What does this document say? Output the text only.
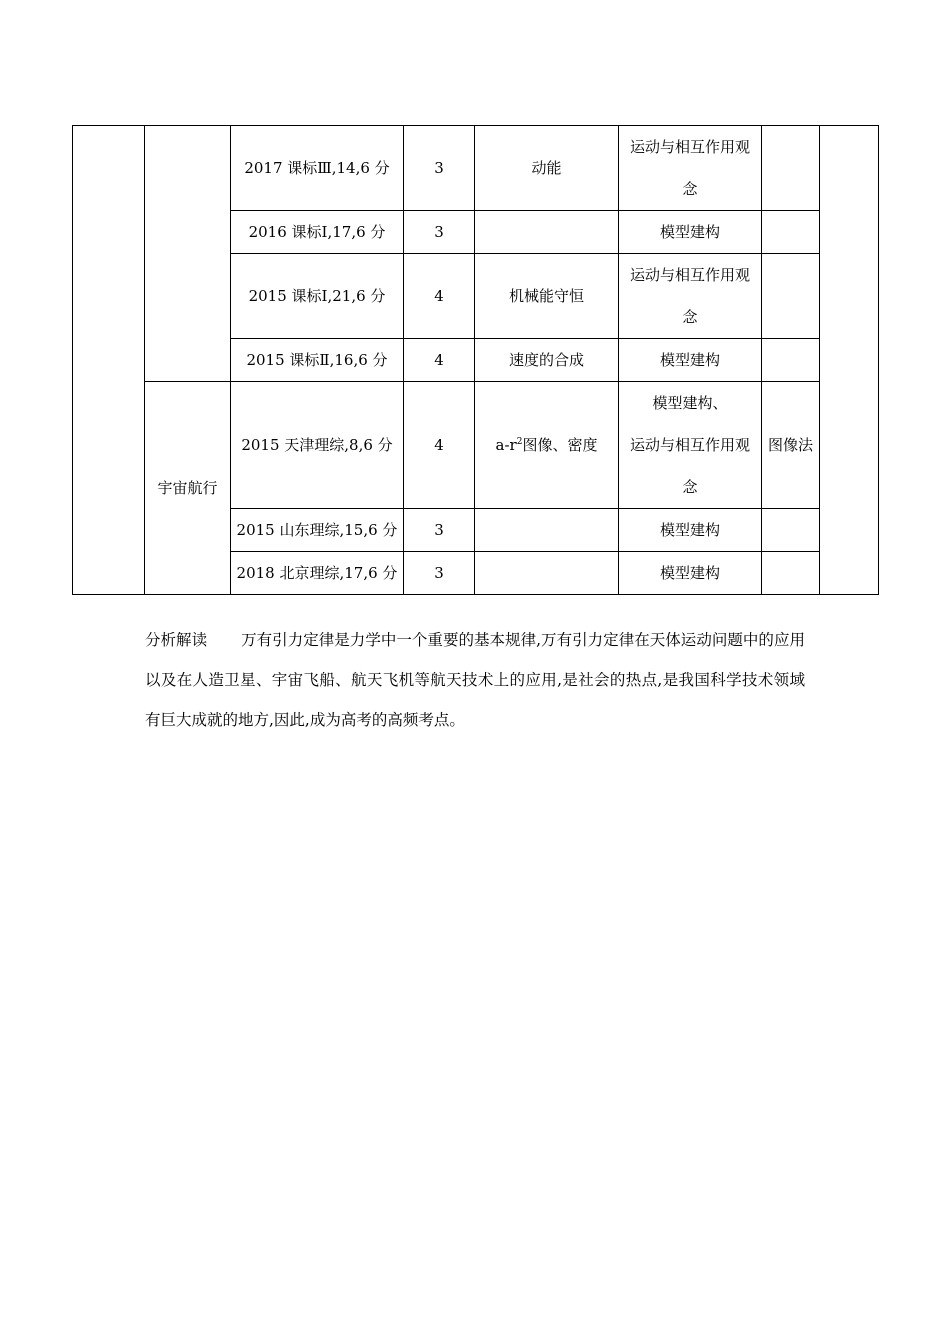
		2017 课标Ⅲ,14,6 分	3	动能	运动与相互作用观
念		

		2016 课标Ⅰ,17,6 分	3		模型建构		
		2015 课标Ⅰ,21,6 分	4	机械能守恒	运动与相互作用观
念		

		2015 课标Ⅱ,16,6 分	4	速度的合成	模型建构		
	宇宙航行	2015 天津理综,8,6 分	4	$a-r^2$图像、密度	模型建构、
运动与相互作用观
念	图像法	
		2015 山东理综,15,6 分	3		模型建构		
		2018 北京理综,17,6 分	3		模型建构		
分析解读 万有引力定律是力学中一个重要的基本规律,万有引力定律在天体运动问题中的应用以及在人造卫星、宇宙飞船、航天飞机等航天技术上的应用,是社会的热点,是我国科学技术领域有巨大成就的地方,因此,成为高考的高频考点。
